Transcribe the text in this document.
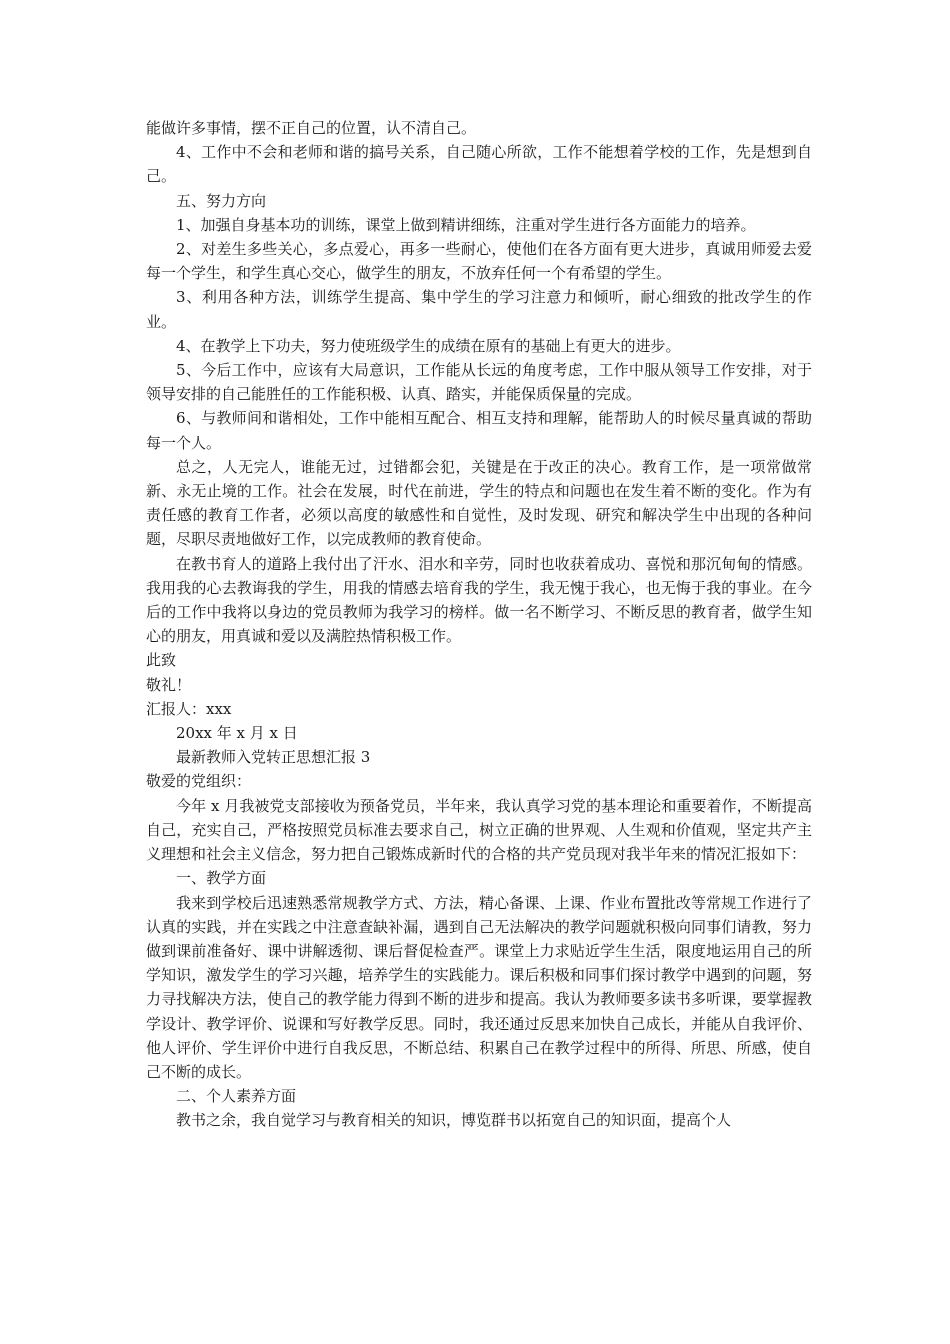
能做许多事情，摆不正自己的位置，认不清自己。

4、工作中不会和老师和谐的搞号关系，自己随心所欲，工作不能想着学校的工作，先是想到自己。

五、努力方向

1、加强自身基本功的训练，课堂上做到精讲细练，注重对学生进行各方面能力的培养。

2、对差生多些关心，多点爱心，再多一些耐心，使他们在各方面有更大进步，真诚用师爱去爱每一个学生，和学生真心交心，做学生的朋友，不放弃任何一个有希望的学生。

3、利用各种方法，训练学生提高、集中学生的学习注意力和倾听，耐心细致的批改学生的作业。

4、在教学上下功夫，努力使班级学生的成绩在原有的基础上有更大的进步。

5、今后工作中，应该有大局意识，工作能从长远的角度考虑，工作中服从领导工作安排，对于领导安排的自己能胜任的工作能积极、认真、踏实，并能保质保量的完成。

6、与教师间和谐相处，工作中能相互配合、相互支持和理解，能帮助人的时候尽量真诚的帮助每一个人。

总之，人无完人，谁能无过，过错都会犯，关键是在于改正的决心。教育工作，是一项常做常新、永无止境的工作。社会在发展，时代在前进，学生的特点和问题也在发生着不断的变化。作为有责任感的教育工作者，必须以高度的敏感性和自觉性，及时发现、研究和解决学生中出现的各种问题，尽职尽责地做好工作，以完成教师的教育使命。

在教书育人的道路上我付出了汗水、泪水和辛劳，同时也收获着成功、喜悦和那沉甸甸的情感。我用我的心去教诲我的学生，用我的情感去培育我的学生，我无愧于我心，也无悔于我的事业。在今后的工作中我将以身边的党员教师为我学习的榜样。做一名不断学习、不断反思的教育者，做学生知心的朋友，用真诚和爱以及满腔热情积极工作。

此致

敬礼！

汇报人：xxx

20xx 年 x 月 x 日

最新教师入党转正思想汇报 3

敬爱的党组织：

今年 x 月我被党支部接收为预备党员，半年来，我认真学习党的基本理论和重要着作，不断提高自己，充实自己，严格按照党员标准去要求自己，树立正确的世界观、人生观和价值观，坚定共产主义理想和社会主义信念，努力把自己锻炼成新时代的合格的共产党员现对我半年来的情况汇报如下：

一、教学方面

我来到学校后迅速熟悉常规教学方式、方法，精心备课、上课、作业布置批改等常规工作进行了认真的实践，并在实践之中注意查缺补漏，遇到自己无法解决的教学问题就积极向同事们请教，努力做到课前准备好、课中讲解透彻、课后督促检查严。课堂上力求贴近学生生活，限度地运用自己的所学知识，激发学生的学习兴趣，培养学生的实践能力。课后积极和同事们探讨教学中遇到的问题，努力寻找解决方法，使自己的教学能力得到不断的进步和提高。我认为教师要多读书多听课，要掌握教学设计、教学评价、说课和写好教学反思。同时，我还通过反思来加快自己成长，并能从自我评价、他人评价、学生评价中进行自我反思，不断总结、积累自己在教学过程中的所得、所思、所感，使自己不断的成长。

二、个人素养方面

教书之余，我自觉学习与教育相关的知识，博览群书以拓宽自己的知识面，提高个人
